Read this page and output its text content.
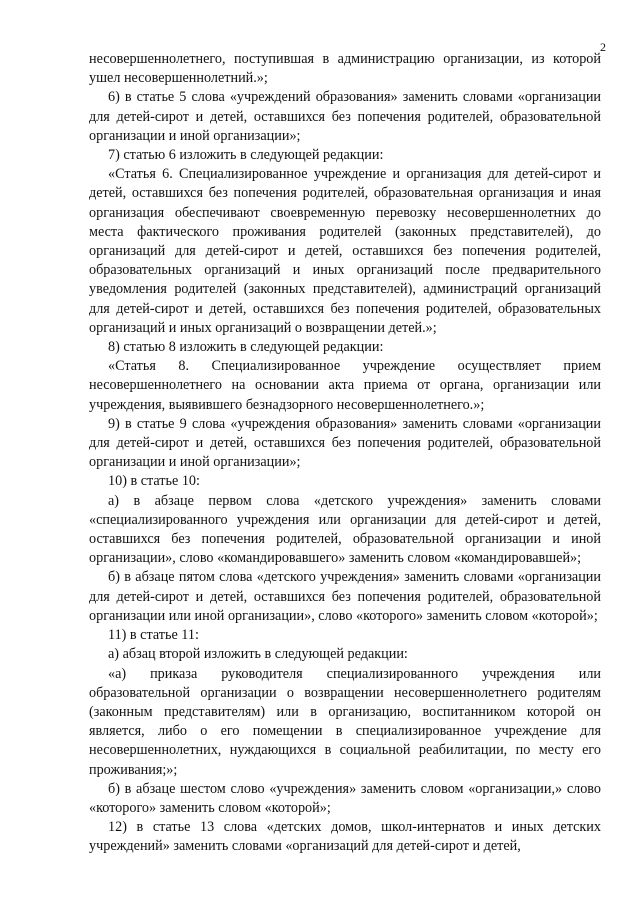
2

несовершеннолетнего, поступившая в администрацию организации, из которой ушел несовершеннолетний.»;

6) в статье 5 слова «учреждений образования» заменить словами «организации для детей-сирот и детей, оставшихся без попечения родителей, образовательной организации и иной организации»;

7) статью 6 изложить в следующей редакции:

«Статья 6. Специализированное учреждение и организация для детей-сирот и детей, оставшихся без попечения родителей, образовательная организация и иная организация обеспечивают своевременную перевозку несовершеннолетних до места фактического проживания родителей (законных представителей), до организаций для детей-сирот и детей, оставшихся без попечения родителей, образовательных организаций и иных организаций после предварительного уведомления родителей (законных представителей), администраций организаций для детей-сирот и детей, оставшихся без попечения родителей, образовательных организаций и иных организаций о возвращении детей.»;

8) статью 8 изложить в следующей редакции:

«Статья 8. Специализированное учреждение осуществляет прием несовершеннолетнего на основании акта приема от органа, организации или учреждения, выявившего безнадзорного несовершеннолетнего.»;

9) в статье 9 слова «учреждения образования» заменить словами «организации для детей-сирот и детей, оставшихся без попечения родителей, образовательной организации и иной организации»;

10) в статье 10:

а) в абзаце первом слова «детского учреждения» заменить словами «специализированного учреждения или организации для детей-сирот и детей, оставшихся без попечения родителей, образовательной организации и иной организации», слово «командировавшего» заменить словом «командировавшей»;

б) в абзаце пятом слова «детского учреждения» заменить словами «организации для детей-сирот и детей, оставшихся без попечения родителей, образовательной организации или иной организации», слово «которого» заменить словом «которой»;

11) в статье 11:

а) абзац второй изложить в следующей редакции:

«а) приказа руководителя специализированного учреждения или образовательной организации о возвращении несовершеннолетнего родителям (законным представителям) или в организацию, воспитанником которой он является, либо о его помещении в специализированное учреждение для несовершеннолетних, нуждающихся в социальной реабилитации, по месту его проживания;»;

б) в абзаце шестом слово «учреждения» заменить словом «организации,» слово «которого» заменить словом «которой»;

12) в статье 13 слова «детских домов, школ-интернатов и иных детских учреждений» заменить словами «организаций для детей-сирот и детей,
